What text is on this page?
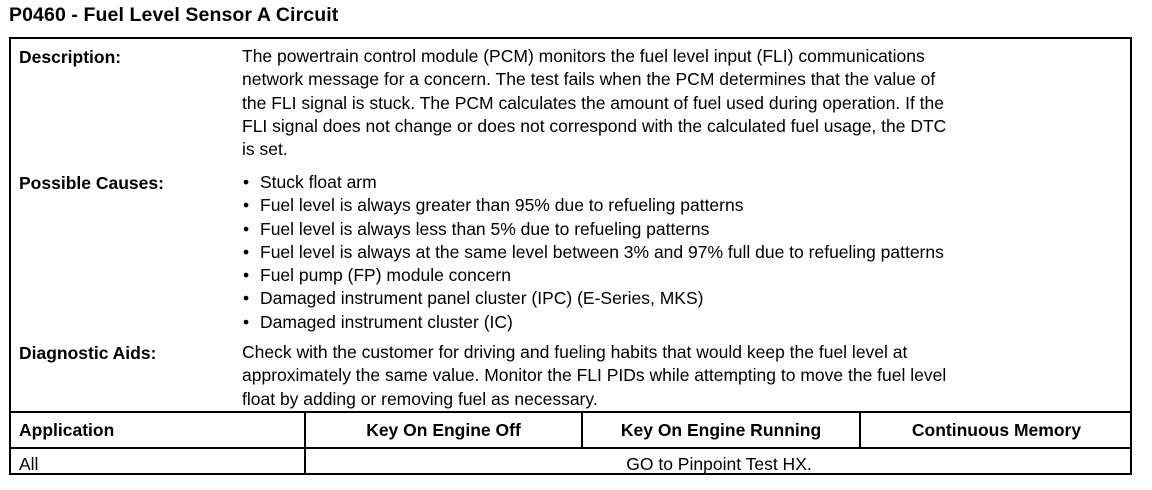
P0460 - Fuel Level Sensor A Circuit
Description:	The powertrain control module (PCM) monitors the fuel level input (FLI) communications
network message for a concern. The test fails when the PCM determines that the value of
the FLI signal is stuck. The PCM calculates the amount of fuel used during operation. If the
FLI signal does not change or does not correspond with the calculated fuel usage, the DTC
is set.
Possible Causes:	• Stuck float arm
• Fuel level is always greater than 95% due to refueling patterns
• Fuel level is always less than 5% due to refueling patterns
• Fuel level is always at the same level between 3% and 97% full due to refueling patterns
• Fuel pump (FP) module concern
• Damaged instrument panel cluster (IPC) (E-Series, MKS)
• Damaged instrument cluster (IC)
Diagnostic Aids:	Check with the customer for driving and fueling habits that would keep the fuel level at
approximately the same value. Monitor the FLI PIDs while attempting to move the fuel level
float by adding or removing fuel as necessary.
Application	Key On Engine Off	Key On Engine Running	Continuous Memory
All	GO to Pinpoint Test HX.
